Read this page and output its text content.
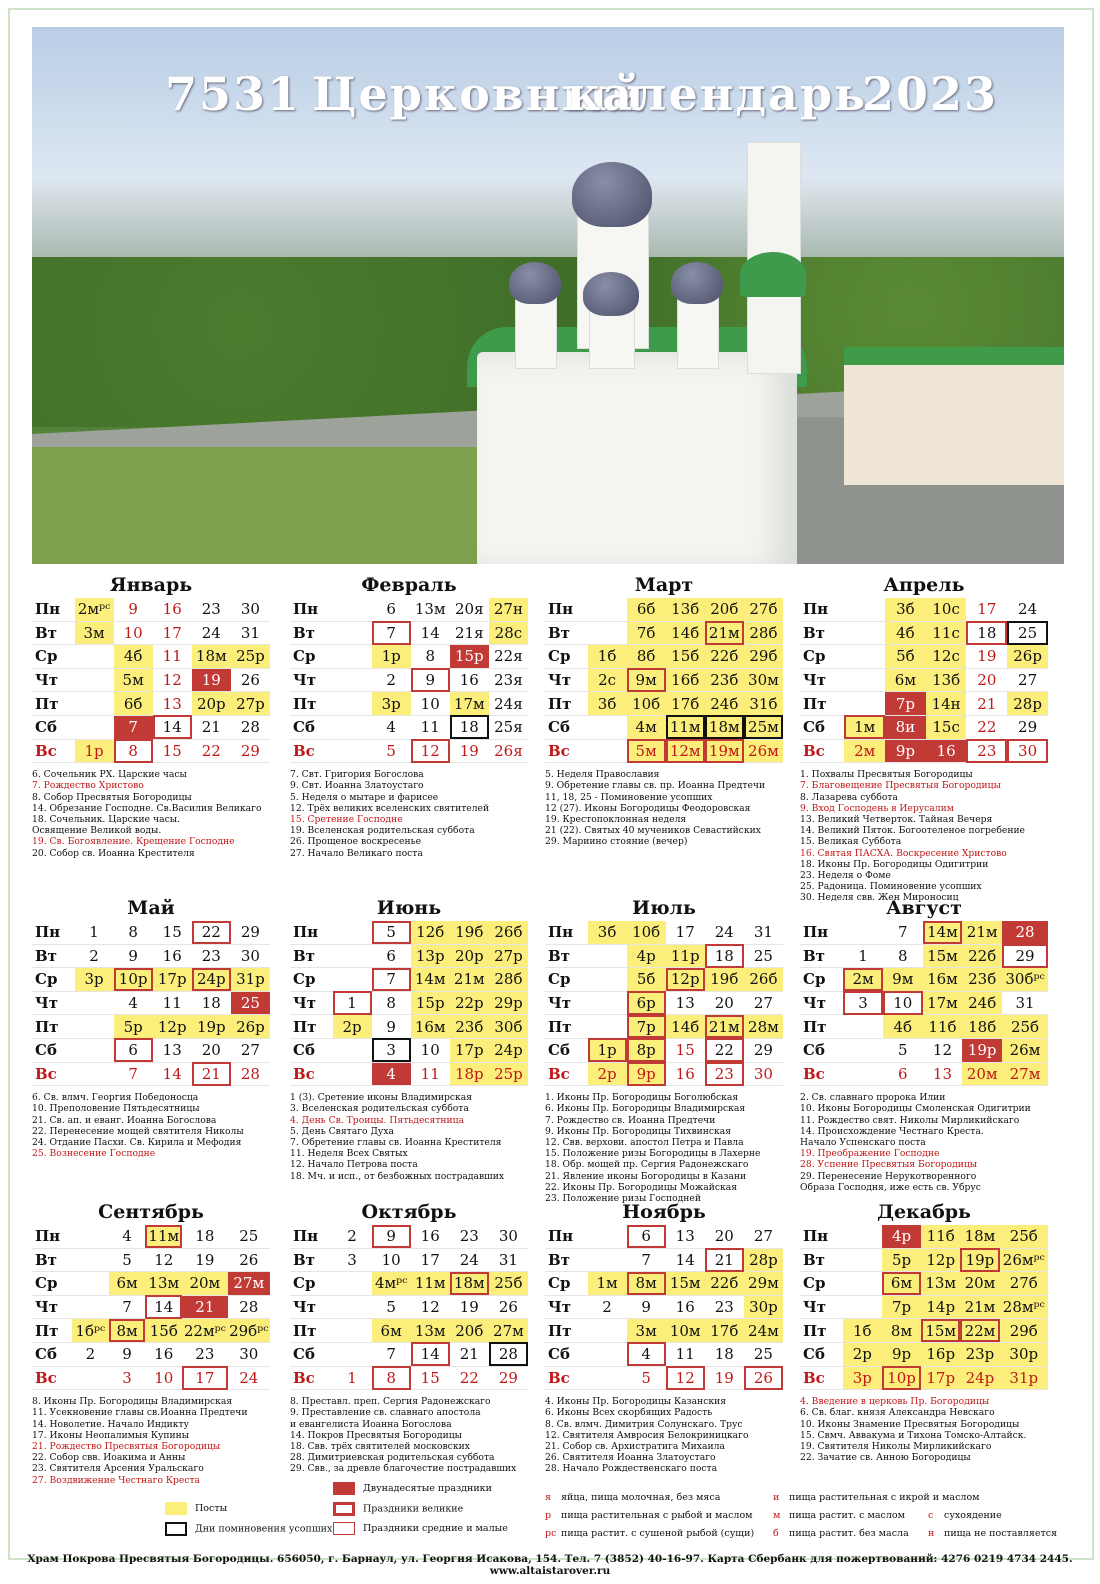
7531 Церковный
календарь
2023
Январь
Пн	2мᵖᶜ	9	16	23	30
Вт	3м	10	17	24	31
Ср		4б	11	18м	25р
Чт		5м	12	19	26
Пт		6б	13	20р	27р
Сб		7	14	21	28
Вс	1р	8	15	22	29
6. Сочельник РХ. Царские часы
7. Рождество Христово
8. Собор Пресвятыя Богородицы
14. Обрезание Господне. Св.Василия Великаго
18. Сочельник. Царские часы.
Освящение Великой воды.
19. Св. Богоявление. Крещение Господне
20. Собор св. Иоанна Крестителя
Февраль
Пн		6	13м	20я	27н
Вт		7	14	21я	28с
Ср		1р	8	15р	22я
Чт		2	9	16	23я
Пт		3р	10	17м	24я
Сб		4	11	18	25я
Вс		5	12	19	26я
7. Свт. Григория Богослова
9. Свт. Иоанна Златоустаго
5. Неделя о мытаре и фарисее
12. Трёх великих вселенских святителей
15. Сретение Господне
19. Вселенская родительская суббота
26. Прощеное воскресенье
27. Начало Великаго поста
Март
Пн		6б	13б	20б	27б
Вт		7б	14б	21м	28б
Ср	1б	8б	15б	22б	29б
Чт	2с	9м	16б	23б	30м
Пт	3б	10б	17б	24б	31б
Сб		4м	11м	18м	25м
Вс		5м	12м	19м	26м
5. Неделя Православия
9. Обретение главы св. пр. Иоанна Предтечи
11, 18, 25 - Поминовение усопших
12 (27). Иконы Богородицы Феодоровская
19. Крестопоклонная неделя
21 (22). Святых 40 мучеников Севастийских
29. Мариино стояние (вечер)
Апрель
Пн		3б	10с	17	24
Вт		4б	11с	18	25
Ср		5б	12с	19	26р
Чт		6м	13б	20	27
Пт		7р	14н	21	28р
Сб	1м	8и	15с	22	29
Вс	2м	9р	16	23	30
1. Похвалы Пресвятыя Богородицы
7. Благовещение Пресвятыя Богородицы
8. Лазарева суббота
9. Вход Господень в Иерусалим
13. Великий Четверток. Тайная Вечеря
14. Великий Пяток. Богоотеленое погребение
15. Великая Суббота
16. Святая ПАСХА. Воскресение Христово
18. Иконы Пр. Богородицы Одигитрии
23. Неделя о Фоме
25. Радоница. Поминовение усопших
30. Неделя свв. Жен Мироносиц
Май
Пн	1	8	15	22	29
Вт	2	9	16	23	30
Ср	3р	10р	17р	24р	31р
Чт		4	11	18	25
Пт		5р	12р	19р	26р
Сб		6	13	20	27
Вс		7	14	21	28
6. Св. влмч. Георгия Победоносца
10. Преполовение Пятьдесятницы
21. Св. ап. и еванг. Иоанна Богослова
22. Перенесение мощей святителя Николы
24. Отдание Пасхи. Св. Кирила и Мефодия
25. Вознесение Господне
Июнь
Пн		5	12б	19б	26б
Вт		6	13р	20р	27р
Ср		7	14м	21м	28б
Чт	1	8	15р	22р	29р
Пт	2р	9	16м	23б	30б
Сб		3	10	17р	24р
Вс		4	11	18р	25р
1 (3). Сретение иконы Владимирская
3. Вселенская родительская суббота
4. День Св. Троицы. Пятьдесятница
5. День Святаго Духа
7. Обретение главы св. Иоанна Крестителя
11. Неделя Всех Святых
12. Начало Петрова поста
18. Мч. и исп., от безбожных пострадавших
Июль
Пн	3б	10б	17	24	31
Вт		4р	11р	18	25
Ср		5б	12р	19б	26б
Чт		6р	13	20	27
Пт		7р	14б	21м	28м
Сб	1р	8р	15	22	29
Вс	2р	9р	16	23	30
1. Иконы Пр. Богородицы Боголюбская
6. Иконы Пр. Богородицы Владимирская
7. Рождество св. Иоанна Предтечи
9. Иконы Пр. Богородицы Тихвинская
12. Свв. верхови. апостол Петра и Павла
15. Положение ризы Богородицы в Лахерне
18. Обр. мощей пр. Сергия Радонежскаго
21. Явление иконы Богородицы в Казани
22. Иконы Пр. Богородицы Можайская
23. Положение ризы Господней
Август
Пн		7	14м	21м	28
Вт	1	8	15м	22б	29
Ср	2м	9м	16м	23б	30бᵖᶜ
Чт	3	10	17м	24б	31
Пт		4б	11б	18б	25б
Сб		5	12	19р	26м
Вс		6	13	20м	27м
2. Св. славнаго пророка Илии
10. Иконы Богородицы Смоленская Одигитрии
11. Рождество свят. Николы Мирликийскаго
14. Происхождение Честнаго Креста.
Начало Успенскаго поста
19. Преображение Господне
28. Успение Пресвятыя Богородицы
29. Перенесение Нерукотворенного
Образа Господня, иже есть св. Убрус
Сентябрь
Пн		4	11м	18	25
Вт		5	12	19	26
Ср		6м	13м	20м	27м
Чт		7	14	21	28
Пт	1бᵖᶜ	8м	15б	22мᵖᶜ	29бᵖᶜ
Сб	2	9	16	23	30
Вс		3	10	17	24
8. Иконы Пр. Богородицы Владимирская
11. Усекновение главы св.Иоанна Предтечи
14. Новолетие. Начало Индикту
17. Иконы Неопалимыя Купины
21. Рождество Пресвятыя Богородицы
22. Собор свв. Иоакима и Анны
23. Святителя Арсения Уральскаго
27. Воздвижение Честнаго Креста
Октябрь
Пн	2	9	16	23	30
Вт	3	10	17	24	31
Ср		4мᵖᶜ	11м	18м	25б
Чт		5	12	19	26
Пт		6м	13м	20б	27м
Сб		7	14	21	28
Вс	1	8	15	22	29
8. Преставл. преп. Сергия Радонежскаго
9. Преставление св. славнаго апостола
и евангелиста Иоанна Богослова
14. Покров Пресвятыя Богородицы
18. Свв. трёх святителей московских
28. Димитриевская родительская суббота
29. Свв., за древле благочестие пострадавших
Ноябрь
Пн		6	13	20	27
Вт		7	14	21	28р
Ср	1м	8м	15м	22б	29м
Чт	2	9	16	23	30р
Пт		3м	10м	17б	24м
Сб		4	11	18	25
Вс		5	12	19	26
4. Иконы Пр. Богородицы Казанския
6. Иконы Всех скорбящих Радость
8. Св. влмч. Димитрия Солунскаго. Трус
12. Святителя Амвросия Белокриницкаго
21. Собор св. Архистратига Михаила
26. Святителя Иоанна Златоустаго
28. Начало Рождественскаго поста
Декабрь
Пн		4р	11б	18м	25б
Вт		5р	12р	19р	26мᵖᶜ
Ср		6м	13м	20м	27б
Чт		7р	14р	21м	28мᵖᶜ
Пт	1б	8м	15м	22м	29б
Сб	2р	9р	16р	23р	30р
Вс	3р	10р	17р	24р	31р
4. Введение в церковь Пр. Богородицы
6. Св. благ. князя Александра Невскаго
10. Иконы Знамение Пресвятыя Богородицы
15. Свмч. Аввакума и Тихона Томско-Алтайск.
19. Святителя Николы Мирликийскаго
22. Зачатие св. Анною Богородицы
Посты
Дни поминовения усопших
Двунадесятые праздники
Праздники великие
Праздники средние и малые
я яйца, пища молочная, без мяса
р пища растительная с рыбой и маслом
рс пища растит. с сушеной рыбой (сущи)
и пища растительная с икрой и маслом
м пища растит. с маслом
б пища растит. без масла
с сухоядение
н пища не поставляется
Храм Покрова Пресвятыя Богородицы. 656050, г. Барнаул, ул. Георгия Исакова, 154. Тел. 7 (3852) 40-16-97. Карта Сбербанк для пожертвований: 4276 0219 4734 2445. www.altaistarover.ru
